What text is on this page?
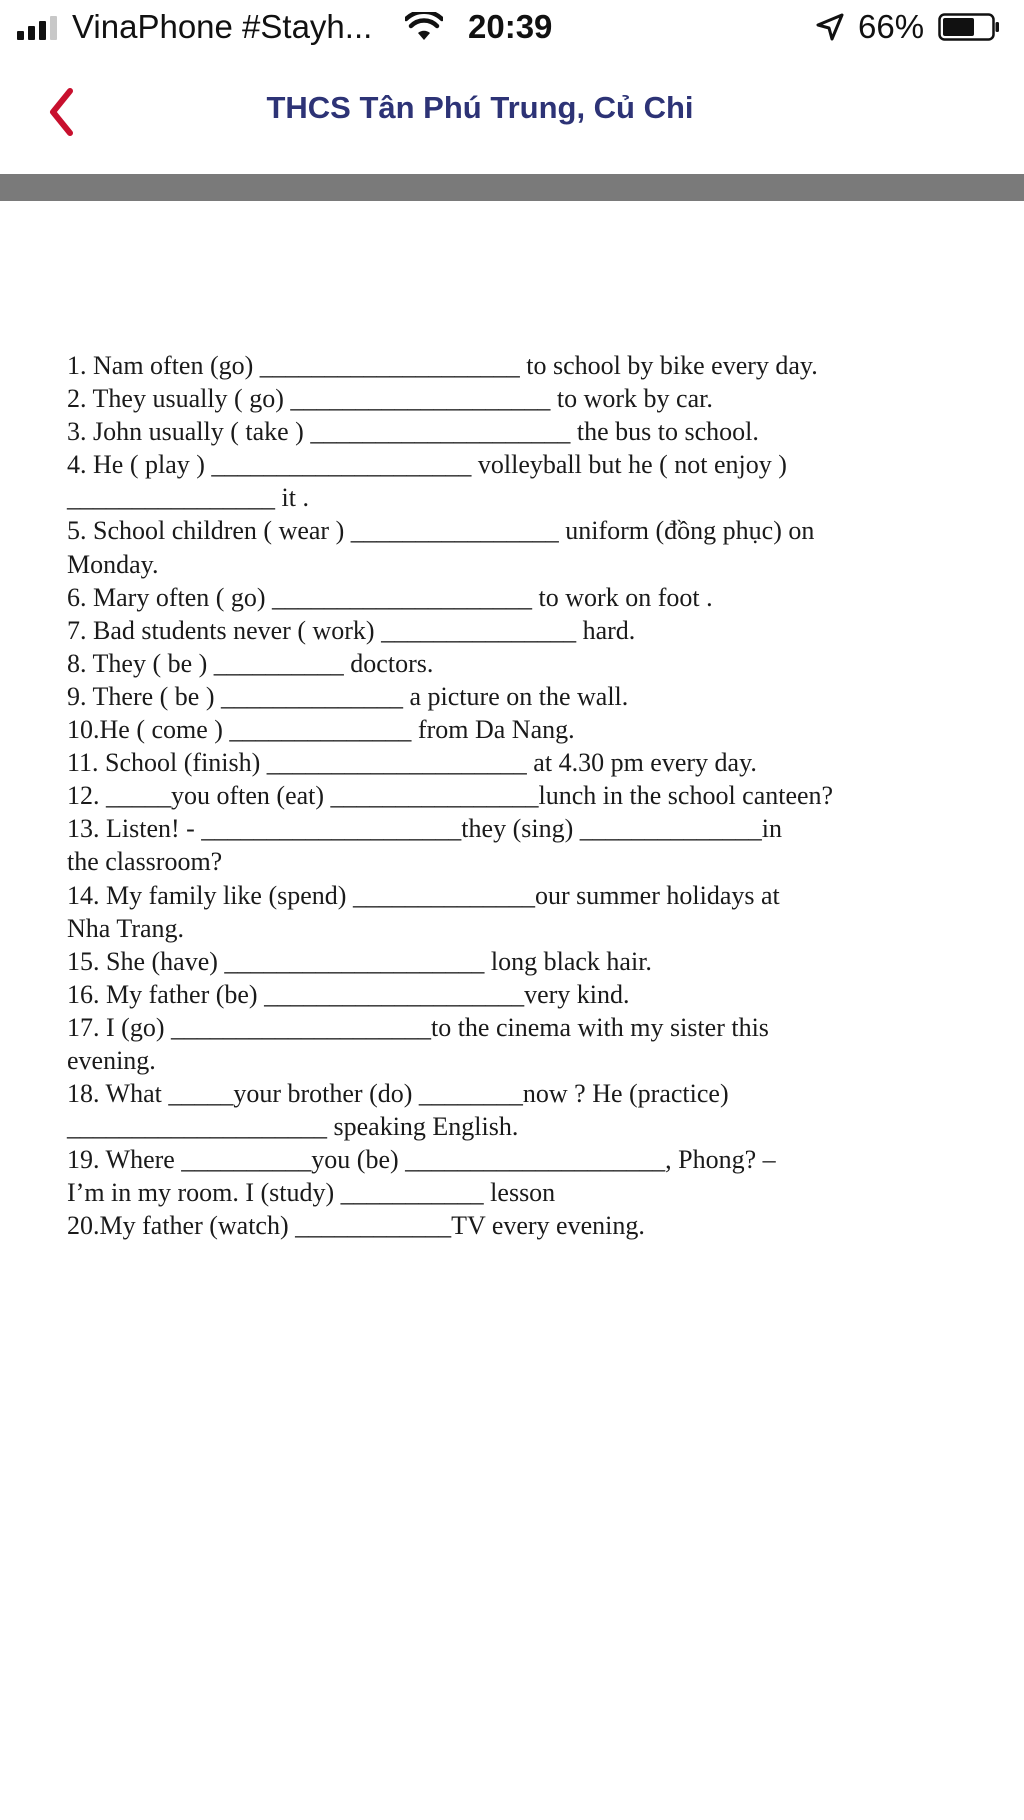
VinaPhone #Stayh...	20:39	66%
THCS Tân Phú Trung, Củ Chi
1. Nam often (go) ____________________ to school by bike every day.
2. They usually ( go) ____________________ to work by car.
3. John usually ( take ) ____________________ the bus to school.
4. He ( play ) ____________________ volleyball but he ( not enjoy )
________________ it .
5. School children ( wear ) ________________ uniform (đồng phục) on
Monday.
6. Mary often ( go) ____________________ to work on foot .
7. Bad students never ( work) _______________ hard.
8. They ( be ) __________ doctors.
9. There ( be ) ______________ a picture on the wall.
10.He ( come ) ______________ from Da Nang.
11. School (finish) ____________________ at 4.30 pm every day.
12. _____you often (eat) ________________lunch in the school canteen?
13. Listen! - ____________________they (sing) ______________in
the classroom?
14. My family like (spend) ______________our summer holidays at
Nha Trang.
15. She (have) ____________________ long black hair.
16. My father (be) ____________________very kind.
17. I (go) ____________________to the cinema with my sister this
evening.
18. What _____your brother (do) ________now ? He (practice)
____________________ speaking English.
19. Where __________you (be) ____________________, Phong? –
I’m in my room. I (study) ___________ lesson
20.My father (watch) ____________TV every evening.
